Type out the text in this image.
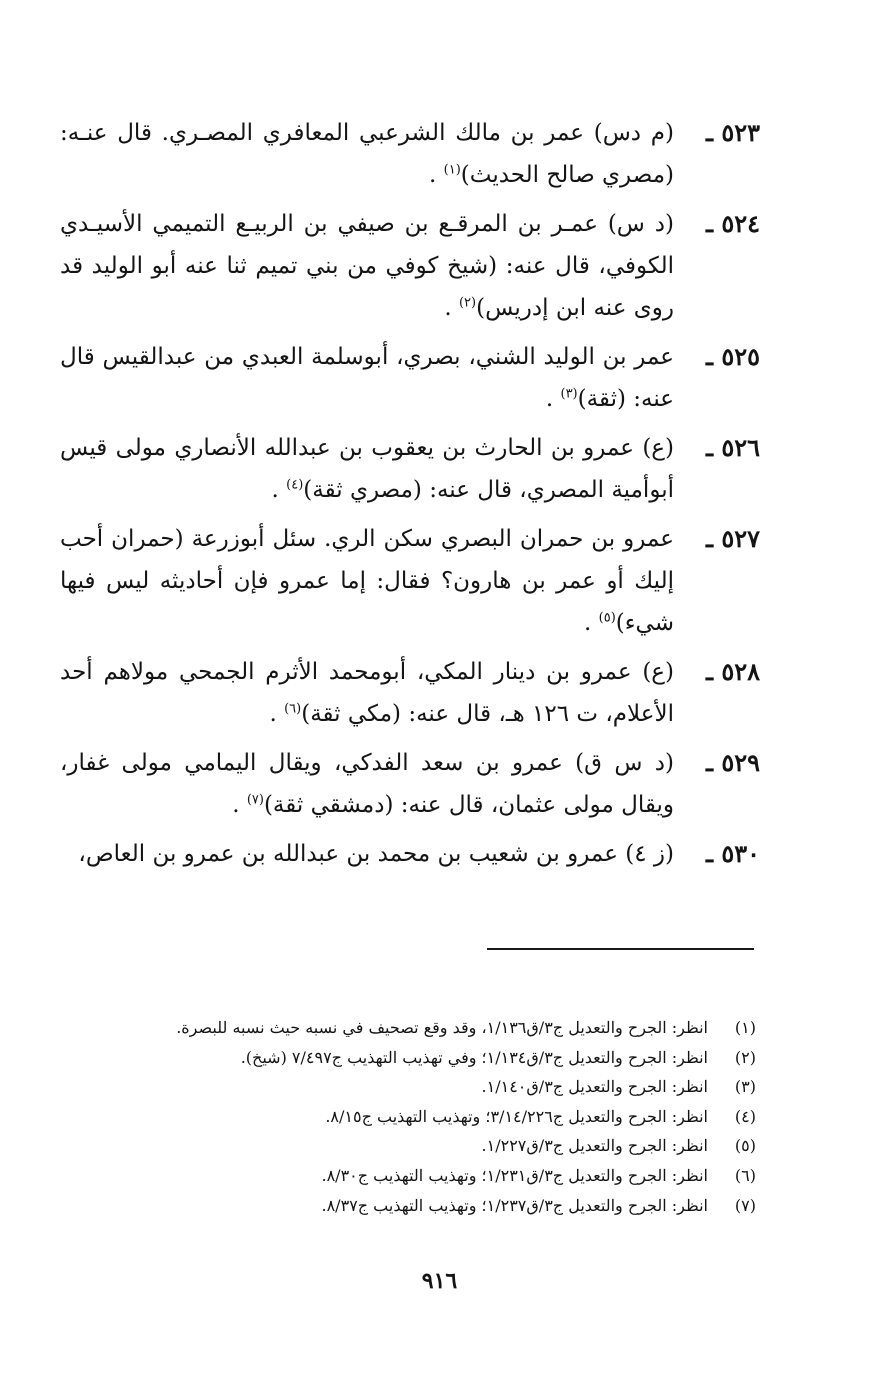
٥٢٣ ـ
(م دس) عمر بن مالك الشرعبي المعافري المصـري. قال عنـه: (مصري صالح الحديث)$^{(١)}$ .
٥٢٤ ـ
(د س) عمـر بن المرقـع بن صيفي بن الربيـع التميمي الأسيـدي الكوفي، قال عنه: (شيخ كوفي من بني تميم ثنا عنه أبو الوليد قد روى عنه ابن إدريس)$^{(٢)}$ .
٥٢٥ ـ
عمر بن الوليد الشني، بصري، أبوسلمة العبدي من عبدالقيس قال عنه: (ثقة)$^{(٣)}$ .
٥٢٦ ـ
(ع) عمرو بن الحارث بن يعقوب بن عبدالله الأنصاري مولى قيس أبوأمية المصري، قال عنه: (مصري ثقة)$^{(٤)}$ .
٥٢٧ ـ
عمرو بن حمران البصري سكن الري. سئل أبوزرعة (حمران أحب إليك أو عمر بن هارون؟ فقال: إما عمرو فإن أحاديثه ليس فيها شيء)$^{(٥)}$ .
٥٢٨ ـ
(ع) عمرو بن دينار المكي، أبومحمد الأثرم الجمحي مولاهم أحد الأعلام، ت ١٢٦ هـ، قال عنه: (مكي ثقة)$^{(٦)}$ .
٥٢٩ ـ
(د س ق) عمرو بن سعد الفدكي، ويقال اليمامي مولى غفار، ويقال مولى عثمان، قال عنه: (دمشقي ثقة)$^{(٧)}$ .
٥٣٠ ـ
(ز ٤) عمرو بن شعيب بن محمد بن عبدالله بن عمرو بن العاص،
(١)
انظر: الجرح والتعديل ج٣/ق١/١٣٦، وقد وقع تصحيف في نسبه حيث نسبه للبصرة.
(٢)
انظر: الجرح والتعديل ج٣/ق١/١٣٤؛ وفي تهذيب التهذيب ج٧/٤٩٧ (شيخ).
(٣)
انظر: الجرح والتعديل ج٣/ق١/١٤٠.
(٤)
انظر: الجرح والتعديل ج٣/١٤/٢٢٦؛ وتهذيب التهذيب ج٨/١٥.
(٥)
انظر: الجرح والتعديل ج٣/ق١/٢٢٧.
(٦)
انظر: الجرح والتعديل ج٣/ق١/٢٣١؛ وتهذيب التهذيب ج٨/٣٠.
(٧)
انظر: الجرح والتعديل ج٣/ق١/٢٣٧؛ وتهذيب التهذيب ج٨/٣٧.
٩١٦
